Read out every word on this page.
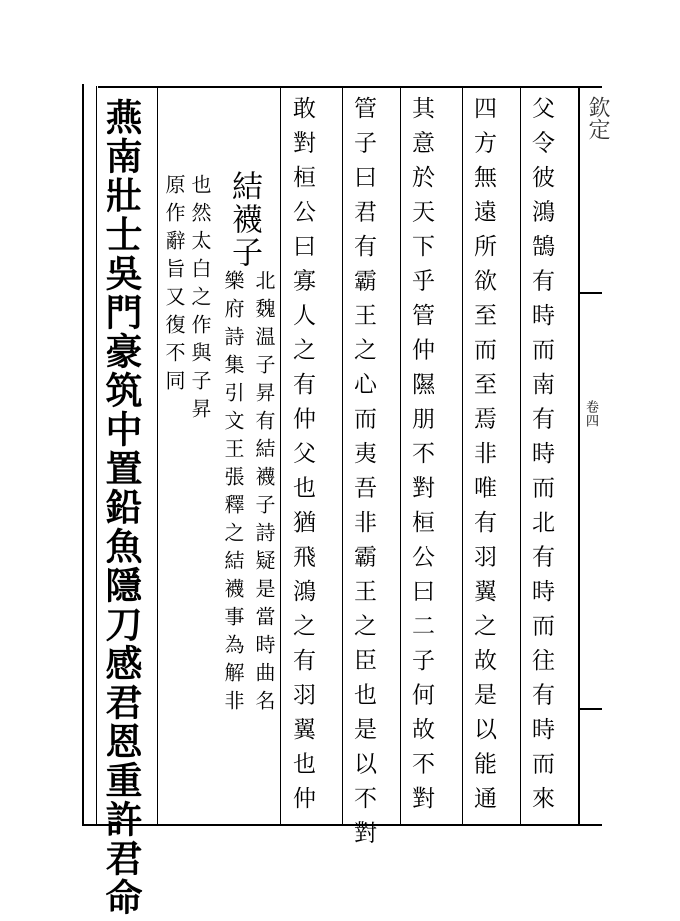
欽定
卷四
父令彼鴻鵠有時而南有時而北有時而往有時而來
四方無遠所欲至而至焉非唯有羽翼之故是以能通
其意於天下乎管仲隰朋不對桓公曰二子何故不對
管子曰君有霸王之心而夷吾非霸王之臣也是以不對
敢對桓公曰寡人之有仲父也猶飛鴻之有羽翼也仲
結襪子
北魏温子昇有結襪子詩疑是當時曲名
樂府詩集引文王張釋之結襪事為解非
也然太白之作與子昇
原作辭旨又復不同
燕南壯士吳門豪筑中置鉛魚隱刀感君恩重許君命
